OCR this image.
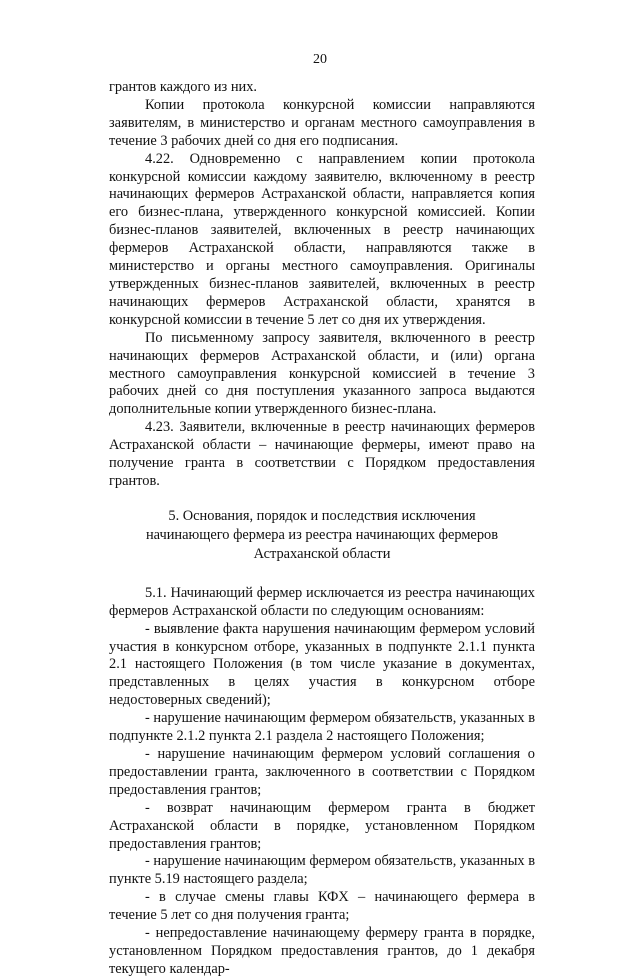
20

грантов каждого из них.

Копии протокола конкурсной комиссии направляются заявителям, в министерство и органам местного самоуправления в течение 3 рабочих дней со дня его подписания.

4.22. Одновременно с направлением копии протокола конкурсной комиссии каждому заявителю, включенному в реестр начинающих фермеров Астраханской области, направляется копия его бизнес-плана, утвержденного конкурсной комиссией. Копии бизнес-планов заявителей, включенных в реестр начинающих фермеров Астраханской области, направляются также в министерство и органы местного самоуправления. Оригиналы утвержденных бизнес-планов заявителей, включенных в реестр начинающих фермеров Астраханской области, хранятся в конкурсной комиссии в течение 5 лет со дня их утверждения.

По письменному запросу заявителя, включенного в реестр начинающих фермеров Астраханской области, и (или) органа местного самоуправления конкурсной комиссией в течение 3 рабочих дней со дня поступления указанного запроса выдаются дополнительные копии утвержденного бизнес-плана.

4.23. Заявители, включенные в реестр начинающих фермеров Астраханской области – начинающие фермеры, имеют право на получение гранта в соответствии с Порядком предоставления грантов.

5. Основания, порядок и последствия исключения
начинающего фермера из реестра начинающих фермеров
Астраханской области

5.1. Начинающий фермер исключается из реестра начинающих фермеров Астраханской области по следующим основаниям:

- выявление факта нарушения начинающим фермером условий участия в конкурсном отборе, указанных в подпункте 2.1.1 пункта 2.1 настоящего Положения (в том числе указание в документах, представленных в целях участия в конкурсном отборе недостоверных сведений);

- нарушение начинающим фермером обязательств, указанных в подпункте 2.1.2 пункта 2.1 раздела 2 настоящего Положения;

- нарушение начинающим фермером условий соглашения о предоставлении гранта, заключенного в соответствии с Порядком предоставления грантов;

- возврат начинающим фермером гранта в бюджет Астраханской области в порядке, установленном Порядком предоставления грантов;

- нарушение начинающим фермером обязательств, указанных в пункте 5.19 настоящего раздела;

- в случае смены главы КФХ – начинающего фермера в течение 5 лет со дня получения гранта;

- непредоставление начинающему фермеру гранта в порядке, установленном Порядком предоставления грантов, до 1 декабря текущего календар-
